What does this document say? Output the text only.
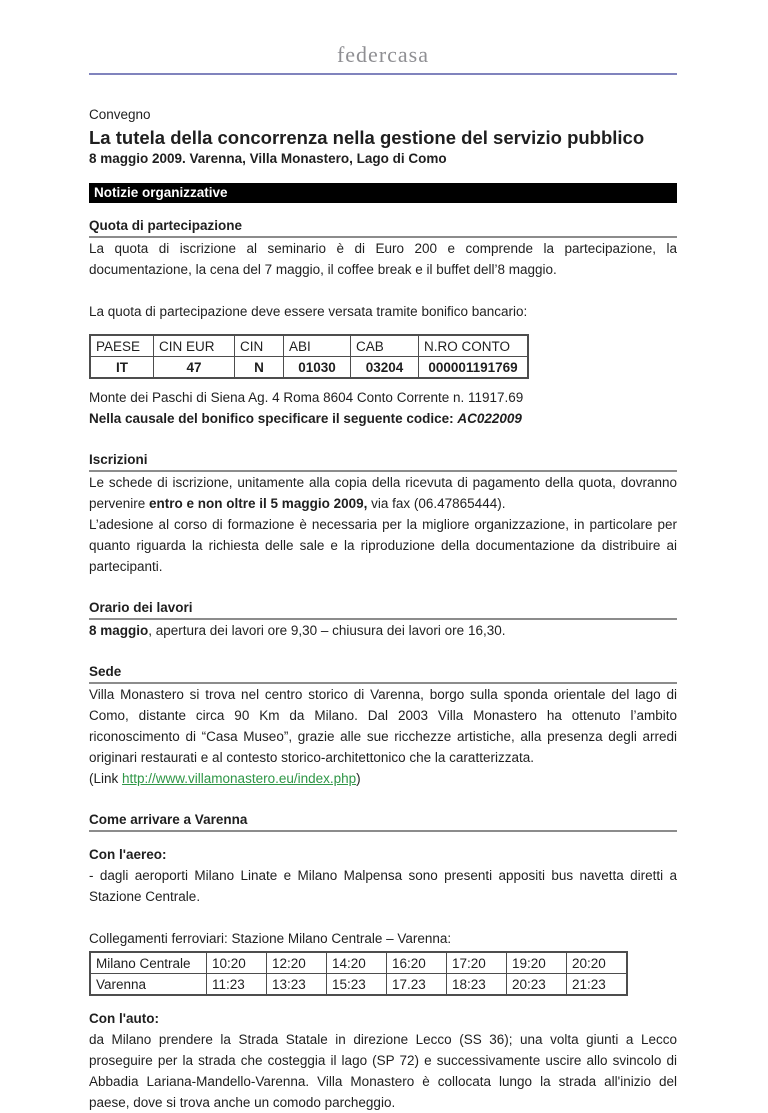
federcasa

Convegno

La tutela della concorrenza nella gestione del servizio pubblico

8 maggio 2009. Varenna, Villa Monastero, Lago di Como

Notizie organizzative
Quota di partecipazione

La quota di iscrizione al seminario è di Euro 200 e comprende la partecipazione, la documentazione, la cena del 7 maggio, il coffee break e il buffet dell’8 maggio.

La quota di partecipazione deve essere versata tramite bonifico bancario:

PAESE	CIN EUR	CIN	ABI	CAB	N.RO CONTO
IT	47	N	01030	03204	000001191769

Monte dei Paschi di Siena Ag. 4 Roma 8604 Conto Corrente n. 11917.69

Nella causale del bonifico specificare il seguente codice: AC022009

Iscrizioni

Le schede di iscrizione, unitamente alla copia della ricevuta di pagamento della quota, dovranno pervenire entro e non oltre il 5 maggio 2009, via fax (06.47865444).

L’adesione al corso di formazione è necessaria per la migliore organizzazione, in particolare per quanto riguarda la richiesta delle sale e la riproduzione della documentazione da distribuire ai partecipanti.

Orario dei lavori

8 maggio, apertura dei lavori ore 9,30 – chiusura dei lavori ore 16,30.

Sede

Villa Monastero si trova nel centro storico di Varenna, borgo sulla sponda orientale del lago di Como, distante circa 90 Km da Milano. Dal 2003 Villa Monastero ha ottenuto l’ambito riconoscimento di “Casa Museo”, grazie alle sue ricchezze artistiche, alla presenza degli arredi originari restaurati e al contesto storico-architettonico che la caratterizzata.

(Link http://www.villamonastero.eu/index.php)

Come arrivare a Varenna

Con l'aereo:

- dagli aeroporti Milano Linate e Milano Malpensa sono presenti appositi bus navetta diretti a Stazione Centrale.

Collegamenti ferroviari: Stazione Milano Centrale – Varenna:

Milano Centrale	10:20	12:20	14:20	16:20	17:20	19:20	20:20
Varenna	11:23	13:23	15:23	17.23	18:23	20:23	21:23

Con l'auto:

da Milano prendere la Strada Statale in direzione Lecco (SS 36); una volta giunti a Lecco proseguire per la strada che costeggia il lago (SP 72) e successivamente uscire allo svincolo di Abbadia Lariana-Mandello-Varenna. Villa Monastero è collocata lungo la strada all'inizio del paese, dove si trova anche un comodo parcheggio.
